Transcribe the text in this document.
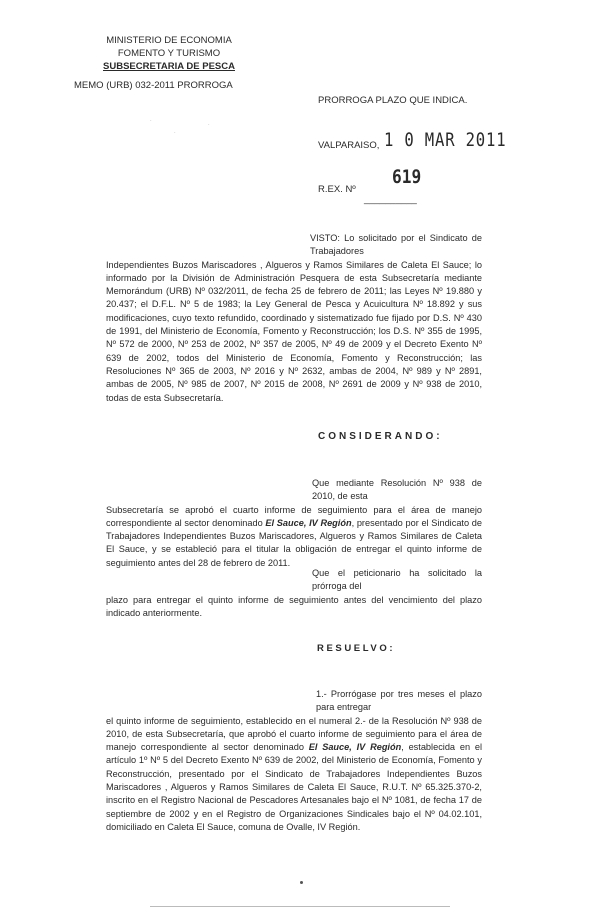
MINISTERIO DE ECONOMIA
FOMENTO Y TURISMO
SUBSECRETARIA DE PESCA
MEMO (URB) 032-2011 PRORROGA
·
·
·
PRORROGA PLAZO QUE INDICA.
VALPARAISO, 1 0 MAR 2011
R.EX. Nº
__________
619
VISTO: Lo solicitado por el Sindicato de Trabajadores
Independientes Buzos Mariscadores , Algueros y Ramos Similares de Caleta El Sauce; lo informado por la División de Administración Pesquera de esta Subsecretaría mediante Memorándum (URB) Nº 032/2011, de fecha 25 de febrero de 2011; las Leyes Nº 19.880 y 20.437; el D.F.L. Nº 5 de 1983; la Ley General de Pesca y Acuicultura Nº 18.892 y sus modificaciones, cuyo texto refundido, coordinado y sistematizado fue fijado por D.S. Nº 430 de 1991, del Ministerio de Economía, Fomento y Reconstrucción; los D.S. Nº 355 de 1995, Nº 572 de 2000, Nº 253 de 2002, Nº 357 de 2005, Nº 49 de 2009 y el Decreto Exento Nº 639 de 2002, todos del Ministerio de Economía, Fomento y Reconstrucción; las Resoluciones Nº 365 de 2003, Nº 2016 y Nº 2632, ambas de 2004, Nº 989 y Nº 2891, ambas de 2005, Nº 985 de 2007, Nº 2015 de 2008, Nº 2691 de 2009 y Nº 938 de 2010, todas de esta Subsecretaría.
CONSIDERANDO:
Que mediante Resolución Nº 938 de 2010, de esta
Subsecretaría se aprobó el cuarto informe de seguimiento para el área de manejo correspondiente al sector denominado El Sauce, IV Región, presentado por el Sindicato de Trabajadores Independientes Buzos Mariscadores, Algueros y Ramos Similares de Caleta El Sauce, y se estableció para el titular la obligación de entregar el quinto informe de seguimiento antes del 28 de febrero de 2011.
Que el peticionario ha solicitado la prórroga del
plazo para entregar el quinto informe de seguimiento antes del vencimiento del plazo indicado anteriormente.
RESUELVO:
1.- Prorrógase por tres meses el plazo para entregar
el quinto informe de seguimiento, establecido en el numeral 2.- de la Resolución Nº 938 de 2010, de esta Subsecretaría, que aprobó el cuarto informe de seguimiento para el área de manejo correspondiente al sector denominado El Sauce, IV Región, establecida en el artículo 1º Nº 5 del Decreto Exento Nº 639 de 2002, del Ministerio de Economía, Fomento y Reconstrucción, presentado por el Sindicato de Trabajadores Independientes Buzos Mariscadores , Algueros y Ramos Similares de Caleta El Sauce, R.U.T. Nº 65.325.370-2, inscrito en el Registro Nacional de Pescadores Artesanales bajo el Nº 1081, de fecha 17 de septiembre de 2002 y en el Registro de Organizaciones Sindicales bajo el Nº 04.02.101, domiciliado en Caleta El Sauce, comuna de Ovalle, IV Región.
